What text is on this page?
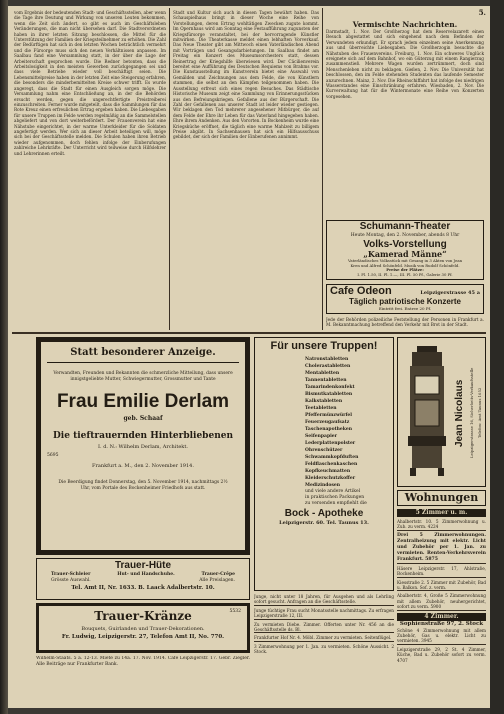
5.
vom Ergebnis der bedeutenden Stadt- und Geschäftsstellen, aber wenn die Tage ihre Deutung und Wirkung von unseren Leuten bekommen, wenn die Zeit sich ändert, so gibt es auch im Geschäftsleben Veränderungen, die man nicht übersehen darf. Die Stadtverordneten haben in ihrer letzten Sitzung beschlossen, die Mittel für die Unterstützung der Familien der Kriegsteilnehmer zu erhöhen. Die Zahl der Bedürftigen hat sich in den letzten Wochen beträchtlich vermehrt und die Fürsorge muss sich den neuen Verhältnissen anpassen. Im Saalbau fand eine Versammlung statt, in der über die Lage der Arbeiterschaft gesprochen wurde. Die Redner betonten, dass die Arbeitslosigkeit in den meisten Gewerben zurückgegangen sei und dass viele Betriebe wieder voll beschäftigt seien. Die Lebensmittelpreise haben in der letzten Zeit eine Steigerung erfahren, die besonders die minderbemittelten Kreise schwer trifft. Es wurde angeregt, dass die Stadt für einen Ausgleich sorgen möge. Die Versammlung nahm eine Entschließung an, in der die Behörden ersucht werden, gegen die ungerechtfertigte Preistreiberei einzuschreiten. Ferner wurde mitgeteilt, dass die Sammlungen für das Rote Kreuz einen erfreulichen Ertrag ergeben haben. Die Liebesgaben für unsere Truppen im Felde werden regelmäßig an die Sammelstellen abgeliefert und von dort weiterbefördert. Der Frauenverein hat eine Nähstube eingerichtet, in der warme Unterkleider für die Soldaten angefertigt werden. Wer sich an dieser Arbeit beteiligen will, möge sich bei der Geschäftsstelle melden. Die Schulen haben ihren Betrieb wieder aufgenommen, doch fehlen infolge der Einberufungen zahlreiche Lehrkräfte. Der Unterricht wird teilweise durch Hilfslehrer und Lehrerinnen erteilt.
Stadt und Kultur sich auch in diesen Tagen bewährt haben. Das Schauspielhaus bringt in dieser Woche eine Reihe von Vorstellungen, deren Ertrag wohltätigen Zwecken zugute kommt. Im Opernhaus wird am Sonntag eine Festaufführung zugunsten der Kriegsfürsorge veranstaltet, bei der hervorragende Künstler mitwirken. Die Theaterkasse meldet einen lebhaften Vorverkauf. Das Neue Theater gibt am Mittwoch einen Vaterländischen Abend mit Vorträgen und Gesangsdarbietungen. Im Saalbau findet am Freitag ein Konzert des Museumsorchesters statt, dessen Reinertrag der Kriegshilfe überwiesen wird. Der Cäcilienverein bereitet eine Aufführung des Deutschen Requiems von Brahms vor. Die Kunstausstellung im Kunstverein bietet eine Auswahl von Gemälden und Zeichnungen aus dem Felde, die von Künstlern stammen, die selbst an den Kämpfen teilgenommen haben. Die Ausstellung erfreut sich eines regen Besuches. Das Städtische Historische Museum zeigt eine Sammlung von Erinnerungsstücken aus den Befreiungskriegen. Gefallene aus der Bürgerschaft. Die Zahl der Gefallenen aus unserer Stadt ist leider wieder gestiegen. Wir beklagen den Tod mehrerer angesehener Mitbürger, die auf dem Felde der Ehre ihr Leben für das Vaterland hingegeben haben. Ehre ihrem Andenken. Aus den Vororten. In Bockenheim wurde eine Kriegsküche eröffnet, die täglich eine warme Mahlzeit zu billigem Preise abgibt. In Sachsenhausen hat sich ein Hilfsausschuss gebildet, der sich der Familien der Einberufenen annimmt.
Vermischte Nachrichten.
Darmstadt, 1. Nov. Der Großherzog hat dem Reservelazarett einen Besuch abgestattet und sich eingehend nach dem Befinden der Verwundeten erkundigt. Er sprach jedem einzelnen seine Anerkennung aus und überreichte Liebesgaben. Die Großherzogin besuchte die Nähstuben des Frauenvereins. Freiburg, 1. Nov. Ein schweres Unglück ereignete sich auf dem Bahnhof, wo ein Güterzug mit einem Rangierzug zusammenstieß. Mehrere Wagen wurden zertrümmert, doch sind Menschenleben nicht zu beklagen. Gießen, 2. Nov. Die Universität hat beschlossen, den im Felde stehenden Studenten das laufende Semester anzurechnen. Mainz, 2. Nov. Die Rheinschiffahrt hat infolge des niedrigen Wasserstandes eine Einschränkung erfahren. Wiesbaden, 2. Nov. Die Kurverwaltung hat für die Wintermonate eine Reihe von Konzerten vorgesehen.
Schumann-Theater
Heute Montag, den 2. November, abends 8 Uhr
Volks-Vorstellung
„Kamerad Männe“
Vaterländisches Volksstück mit Gesang in 3 Akten von Jean
Kren und Alfred Schönfeld. Musik von Rudolf Schönfeld.
Preise der Plätze:
I. Pl. 1.50, II. Pl. 1.—, III. Pl. 50 Pf., Galerie 30 Pf.
Cafe Odeon	Leipzigerstrasse 45 a
Täglich patriotische Konzerte
Eintritt frei. Entree 20 Pf.
Jede der Behörden polizeiliche Feststellung der Personen in Frankfurt a. M. Bekanntmachung betreffend den Verkehr mit Brot in der Stadt.
Statt besonderer Anzeige.
Verwandten, Freunden und Bekannten die schmerzliche Mitteilung, dass unsere innigstgeliebte Mutter, Schwiegermutter, Grossmutter und Tante
Frau Emilie Derlam
geb. Schaaf
Die tieftrauernden Hinterbliebenen
I. d. N.: Wilhelm Derlam, Architekt.
5695
Frankfurt a. M., den 2. November 1914.
Die Beerdigung findet Donnerstag, den 5. November 1914, nachmittags 2½ Uhr, vom Portale des Bockenheimer Friedhofs aus statt.
Trauer-Hüte
Trauer-Schleier	Hut- und Handschuhe.	Trauer-Crêpe
Grösste Auswahl.	Alle Preislagen.
Tel. Amt II, Nr. 1633. B. Laack Adalbertstr. 10.
Trauer-Kränze
Bouquets, Guirlanden und Trauer-Dekorationen.
Fr. Ludwig, Leipzigerstr. 27, Telefon Amt II, No. 770.
5532
Wilhelm-Staats. 5 a. 12-13. Miete zu 14a. 17. Nov. 1914. Cafe Leipzigerstr. 17. Gebr. Ziegler. Alle Beiträge nur Frankfurter Bank.
Für unsere Truppen!
Natronstabletten
Cholerastabletten
Mentabletten
Tannentabletten
Tamarindenkonfekt
Bismutkatabletten
Kalkstabletten
Teetabletten
Pfeffermünzwürfel
Feuerzeugaufsatz
Taschenapotheken
Seifenpapier
Lederplattenpolster
Ohrenschützer
Schwammkopfduften
Feldflaschenkaschen
Kopfkeuchmatten
Kleiderschutzkoffer
Medizindosen
und viele andere Artikel
in praktischen Packungen
zu versenden empfiehlt die
Bock - Apotheke
Leipzigerstr. 60. Tel. Taunus 13.
Junge, nicht unter 18 Jahren, für Ausgehen und als Lehrling sofort gesucht. Anfragen an die Geschäftsstelle.
Junge tüchtige Frau sucht Monatsstelle nachmittags. Zu erfragen Leipzigerstraße 12, III.
Zu vermieten Diebe. Zimmer. Offerten unter Nr. 456 an die Geschäftsstelle ds. Bl.
Frankfurter Hof Nr. 4. Möbl. Zimmer zu vermieten. Seitenflügel.
3 Zimmerwohnung per 1. Jan. zu vermieten. Schöne Aussicht. 2 Stock.
Jean Nicolaus	Leipzigerstrasse 16, Sicherheits-Verkaufsstelle Telefon: Amt Taunus 1052
Wohnungen
5 Zimmer u. m.
Ahalbertstr. 10. 5 Zimmerwohnung u. Zub. zu verm. 4224
Drei 5 Zimmerwohnungen. Zentralheizung mit elektr. Licht und Zubehör per 1. Jan. zu vermieten. Renten-Verkehrsverein Frankfurt. 5875
Häsere Leipzigerstr. 17, Ahlstraße, Bockenheim.
Kiesstraße 2. 5 Zimmer mit Zubehör, Bad u. Balkon. Sof. z. verm.
Abalbertstr. 4, Große 5 Zimmerwohnung mit allem Zubehör, neuhergerichtet, sofort zu verm. 5900
4 Zimmer.
Sophienstraße 97, 2. Stock
Schöne 4 Zimmerwohnung mit allem Zubehör, Gas u. elektr. Licht zu vermieten. 3945
Leipzigerstraße 29, 2 St. 4 Zimmer, Küche, Bad u. Zubehör sofort zu verm. 4707
